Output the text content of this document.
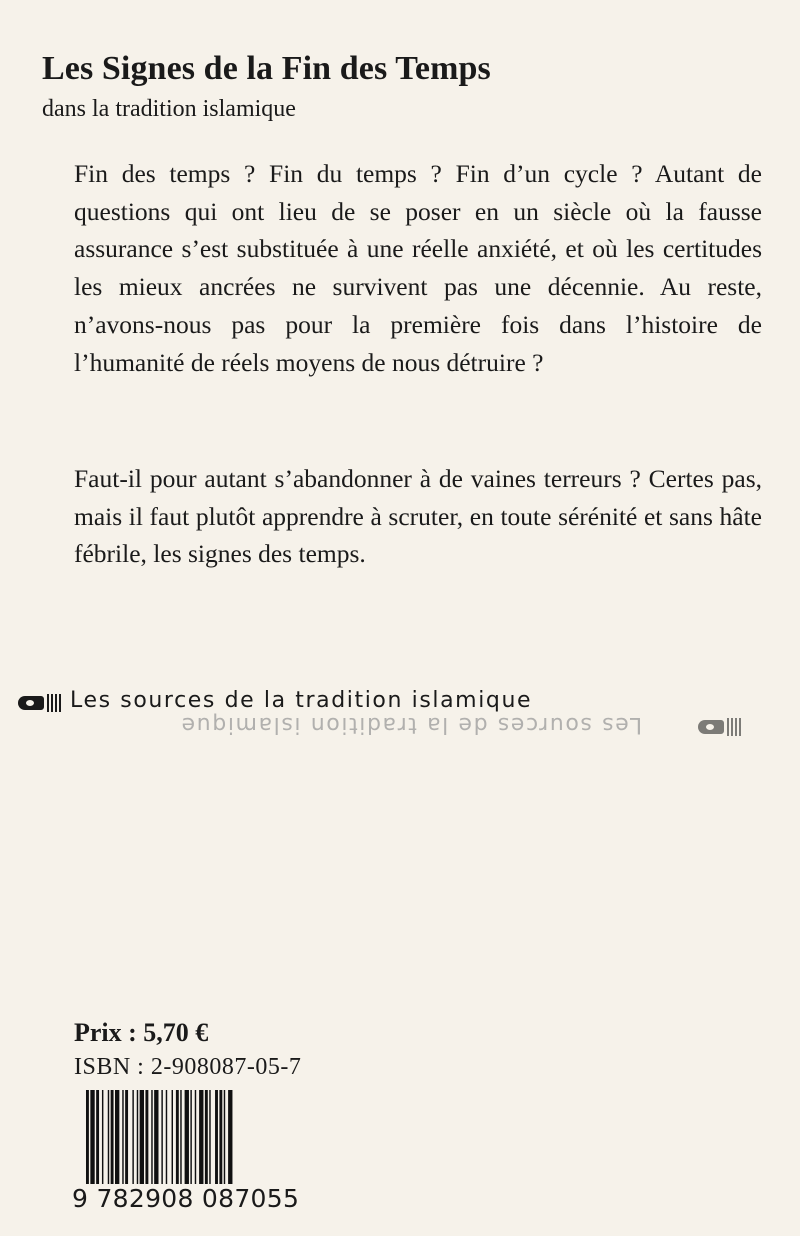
Les Signes de la Fin des Temps

dans la tradition islamique

Fin des temps ? Fin du temps ? Fin d’un cycle ? Autant de questions qui ont lieu de se poser en un siècle où la fausse assurance s’est substituée à une réelle anxiété, et où les certitudes les mieux ancrées ne survivent pas une décennie. Au reste, n’avons-nous pas pour la première fois dans l’histoire de l’humanité de réels moyens de nous détruire ?

Faut-il pour autant s’abandonner à de vaines terreurs ? Certes pas, mais il faut plutôt apprendre à scruter, en toute sérénité et sans hâte fébrile, les signes des temps.

Les sources de la tradition islamique

Les sources de la tradition islamique

Prix : 5,70 €

ISBN : 2-908087-05-7

9 782908 087055
